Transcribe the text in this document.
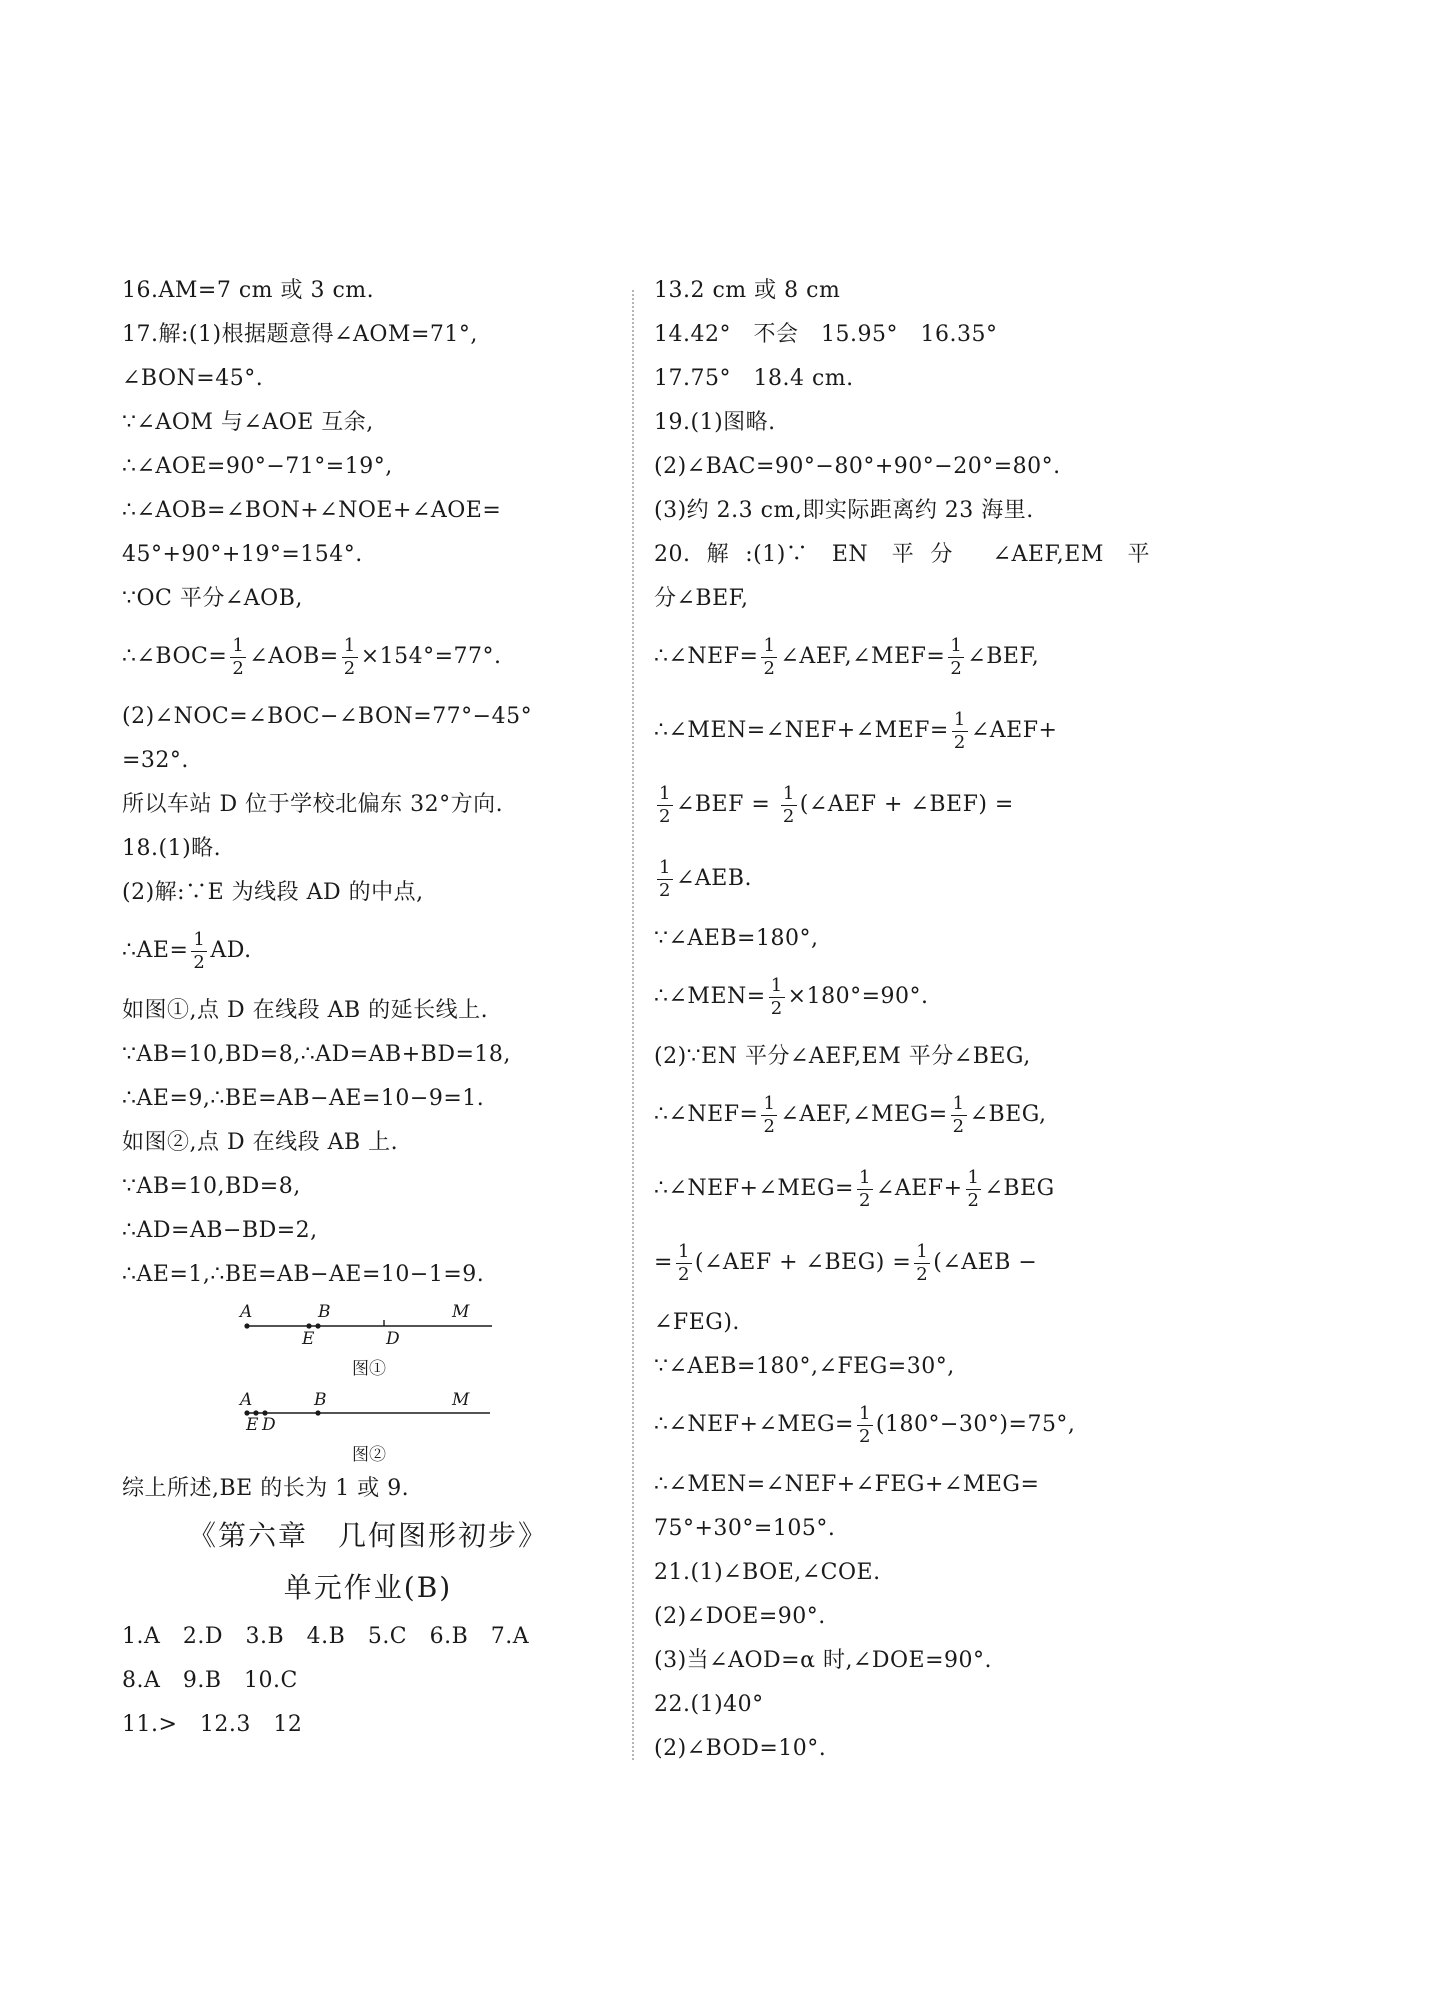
16.AM=7 cm 或 3 cm.
17.解:(1)根据题意得∠AOM=71°,
∠BON=45°.
∵∠AOM 与∠AOE 互余,
∴∠AOE=90°−71°=19°,
∴∠AOB=∠BON+∠NOE+∠AOE=
45°+90°+19°=154°.
∵OC 平分∠AOB,
∴∠BOC= $\frac{1}{2}$ ∠AOB= $\frac{1}{2} \times 154^\circ=77^\circ$.
(2)∠NOC=∠BOC−∠BON=77°−45°
=32°.
所以车站 D 位于学校北偏东 32°方向.
18.(1)略.
(2)解:∵E 为线段 AD 的中点,
∴AE= $\frac{1}{2}$ AD.
如图①,点 D 在线段 AB 的延长线上.
∵AB=10,BD=8,∴AD=AB+BD=18,
∴AE=9,∴BE=AB−AE=10−9=1.
如图②,点 D 在线段 AB 上.
∵AB=10,BD=8,
∴AD=AB−BD=2,
∴AE=1,∴BE=AB−AE=10−1=9.
A	B
E	D
M
图①
A
E D
B	M
图②
综上所述,BE 的长为 1 或 9.
《第六章　几何图形初步》
单元作业(B)
1.A　2.D　3.B　4.B　5.C　6.B　7.A
8.A　9.B　10.C
11.>　12.3　12
13.2 cm 或 8 cm
14.42°　不会　15.95°　16.35°
17.75°　18.4 cm.
19.(1)图略.
(2)∠BAC=90°−80°+90°−20°=80°.
(3)约 2.3 cm,即实际距离约 23 海里.
20.解:(1)∵ EN 平分 ∠AEF,EM 平
分∠BEF,
∴∠NEF= $\frac{1}{2}$ ∠AEF,∠MEF= $\frac{1}{2}$ ∠BEF,
∴∠MEN=∠NEF+∠MEF= $\frac{1}{2}$ ∠AEF+
$\frac{1}{2}$ ∠BEF = $\frac{1}{2}$ (∠AEF + ∠BEF) =
$\frac{1}{2}$ ∠AEB.
∵∠AEB=180°,
∴∠MEN= $\frac{1}{2} \times 180^\circ=90^\circ$.
(2)∵EN 平分∠AEF,EM 平分∠BEG,
∴∠NEF= $\frac{1}{2}$ ∠AEF,∠MEG= $\frac{1}{2}$ ∠BEG,
∴∠NEF+∠MEG= $\frac{1}{2}$ ∠AEF+ $\frac{1}{2}$ ∠BEG
= $\frac{1}{2}$ (∠AEF + ∠BEG) = $\frac{1}{2}$ (∠AEB −
∠FEG).
∵∠AEB=180°,∠FEG=30°,
∴∠NEF+∠MEG= $\frac{1}{2} (180^\circ-30^\circ)=75^\circ$,
∴∠MEN=∠NEF+∠FEG+∠MEG=
75°+30°=105°.
21.(1)∠BOE,∠COE.
(2)∠DOE=90°.
(3)当∠AOD=α 时,∠DOE=90°.
22.(1)40°
(2)∠BOD=10°.
